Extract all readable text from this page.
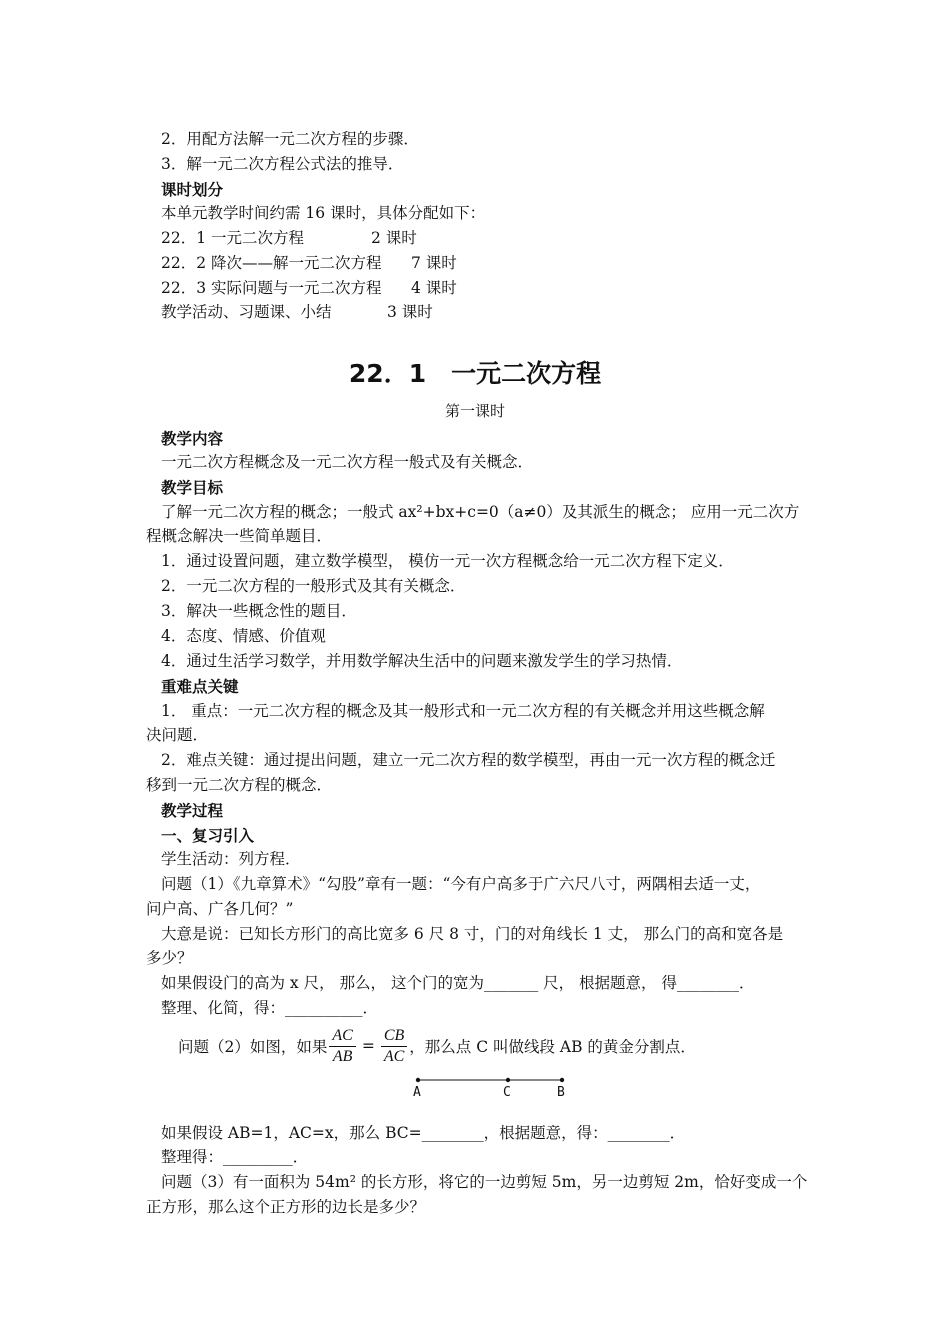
2．用配方法解一元二次方程的步骤．
3．解一元二次方程公式法的推导．
课时划分
本单元教学时间约需 16 课时，具体分配如下：
22．1 一元二次方程	2 课时
22．2 降次——解一元二次方程 7 课时
22．3 实际问题与一元二次方程 4 课时
教学活动、习题课、小结	3 课时
22．1　一元二次方程
第一课时
教学内容
一元二次方程概念及一元二次方程一般式及有关概念．
教学目标
了解一元二次方程的概念；一般式 ax²+bx+c=0（a≠0）及其派生的概念； 应用一元二次方
程概念解决一些简单题目．
1．通过设置问题，建立数学模型， 模仿一元一次方程概念给一元二次方程下定义．
2．一元二次方程的一般形式及其有关概念．
3．解决一些概念性的题目．
4．态度、情感、价值观
4．通过生活学习数学，并用数学解决生活中的问题来激发学生的学习热情．
重难点关键
1． 重点：一元二次方程的概念及其一般形式和一元二次方程的有关概念并用这些概念解
决问题．
2．难点关键：通过提出问题，建立一元二次方程的数学模型，再由一元一次方程的概念迁
移到一元二次方程的概念．
教学过程
一、复习引入
学生活动：列方程．
问题（1）《九章算术》“勾股”章有一题：“今有户高多于广六尺八寸，两隅相去适一丈，
问户高、广各几何？”
大意是说：已知长方形门的高比宽多 6 尺 8 寸，门的对角线长 1 丈， 那么门的高和宽各是
多少？
如果假设门的高为 x 尺， 那么， 这个门的宽为_______ 尺， 根据题意， 得________．
整理、化简，得：__________．
问题（2）如图，如果 $\frac{AC}{AB} = \frac{CB}{AC}$ ，那么点 C 叫做线段 AB 的黄金分割点．
A	C	B
如果假设 AB=1，AC=x，那么 BC=________，根据题意，得：________．
整理得：_________．
问题（3）有一面积为 54m² 的长方形，将它的一边剪短 5m，另一边剪短 2m，恰好变成一个
正方形，那么这个正方形的边长是多少？
